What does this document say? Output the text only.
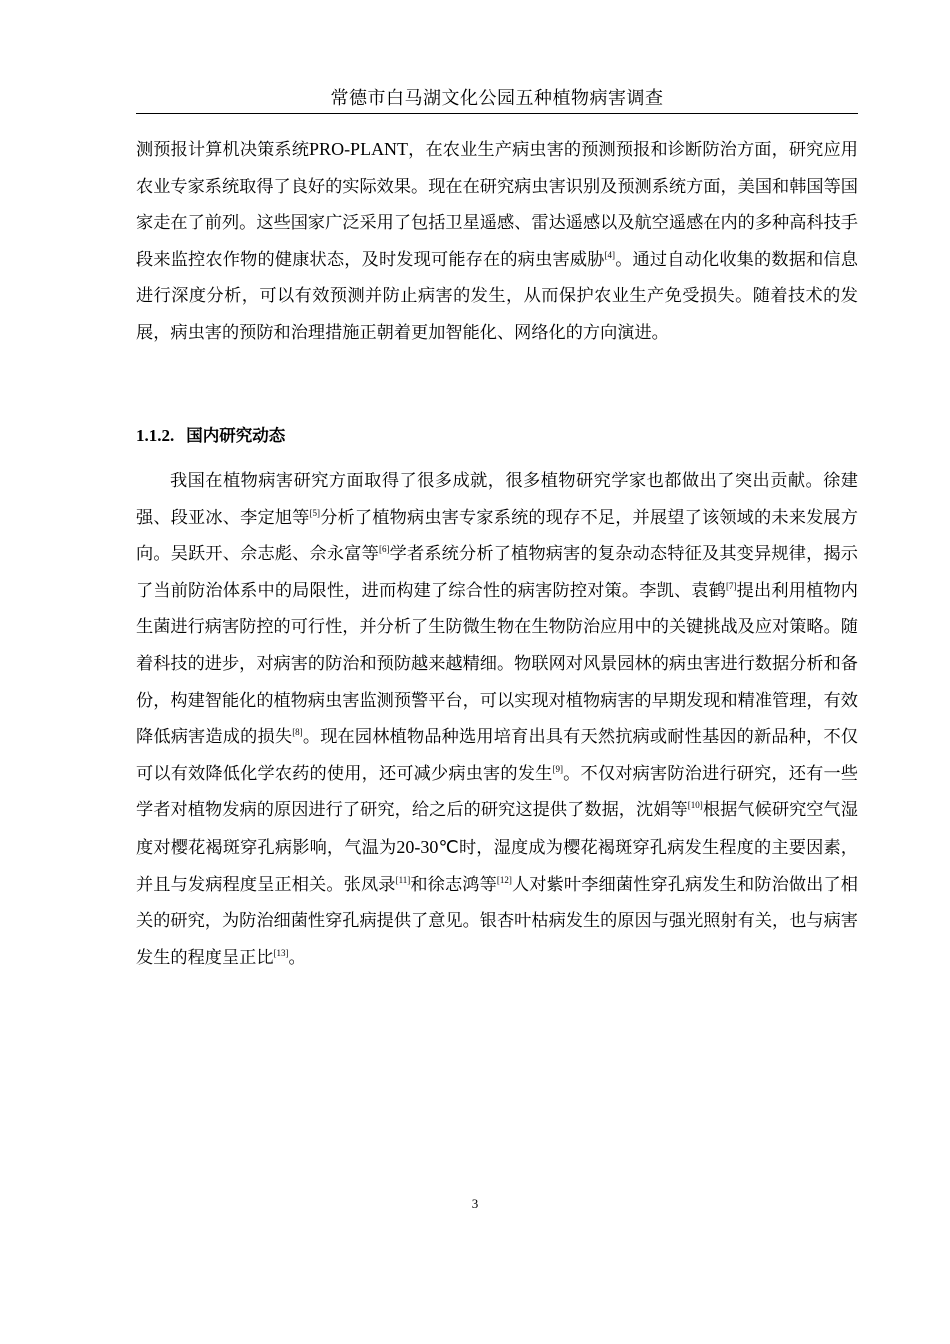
常德市白马湖文化公园五种植物病害调查

测预报计算机决策系统PRO-PLANT，在农业生产病虫害的预测预报和诊断防治方面，研究应用农业专家系统取得了良好的实际效果。现在在研究病虫害识别及预测系统方面，美国和韩国等国家走在了前列。这些国家广泛采用了包括卫星遥感、雷达遥感以及航空遥感在内的多种高科技手段来监控农作物的健康状态，及时发现可能存在的病虫害威胁[4]。通过自动化收集的数据和信息进行深度分析，可以有效预测并防止病害的发生，从而保护农业生产免受损失。随着技术的发展，病虫害的预防和治理措施正朝着更加智能化、网络化的方向演进。

1.1.2. 国内研究动态

我国在植物病害研究方面取得了很多成就，很多植物研究学家也都做出了突出贡献。徐建强、段亚冰、李定旭等[5]分析了植物病虫害专家系统的现存不足，并展望了该领域的未来发展方向。吴跃开、佘志彪、佘永富等[6]学者系统分析了植物病害的复杂动态特征及其变异规律，揭示了当前防治体系中的局限性，进而构建了综合性的病害防控对策。李凯、袁鹤[7]提出利用植物内生菌进行病害防控的可行性，并分析了生防微生物在生物防治应用中的关键挑战及应对策略。随着科技的进步，对病害的防治和预防越来越精细。物联网对风景园林的病虫害进行数据分析和备份，构建智能化的植物病虫害监测预警平台，可以实现对植物病害的早期发现和精准管理，有效降低病害造成的损失[8]。现在园林植物品种选用培育出具有天然抗病或耐性基因的新品种，不仅可以有效降低化学农药的使用，还可减少病虫害的发生[9]。不仅对病害防治进行研究，还有一些学者对植物发病的原因进行了研究，给之后的研究这提供了数据，沈娟等[10]根据气候研究空气湿度对樱花褐斑穿孔病影响，气温为20-30℃时，湿度成为樱花褐斑穿孔病发生程度的主要因素，并且与发病程度呈正相关。张凤录[11]和徐志鸿等[12]人对紫叶李细菌性穿孔病发生和防治做出了相关的研究，为防治细菌性穿孔病提供了意见。银杏叶枯病发生的原因与强光照射有关，也与病害发生的程度呈正比[13]。

3
